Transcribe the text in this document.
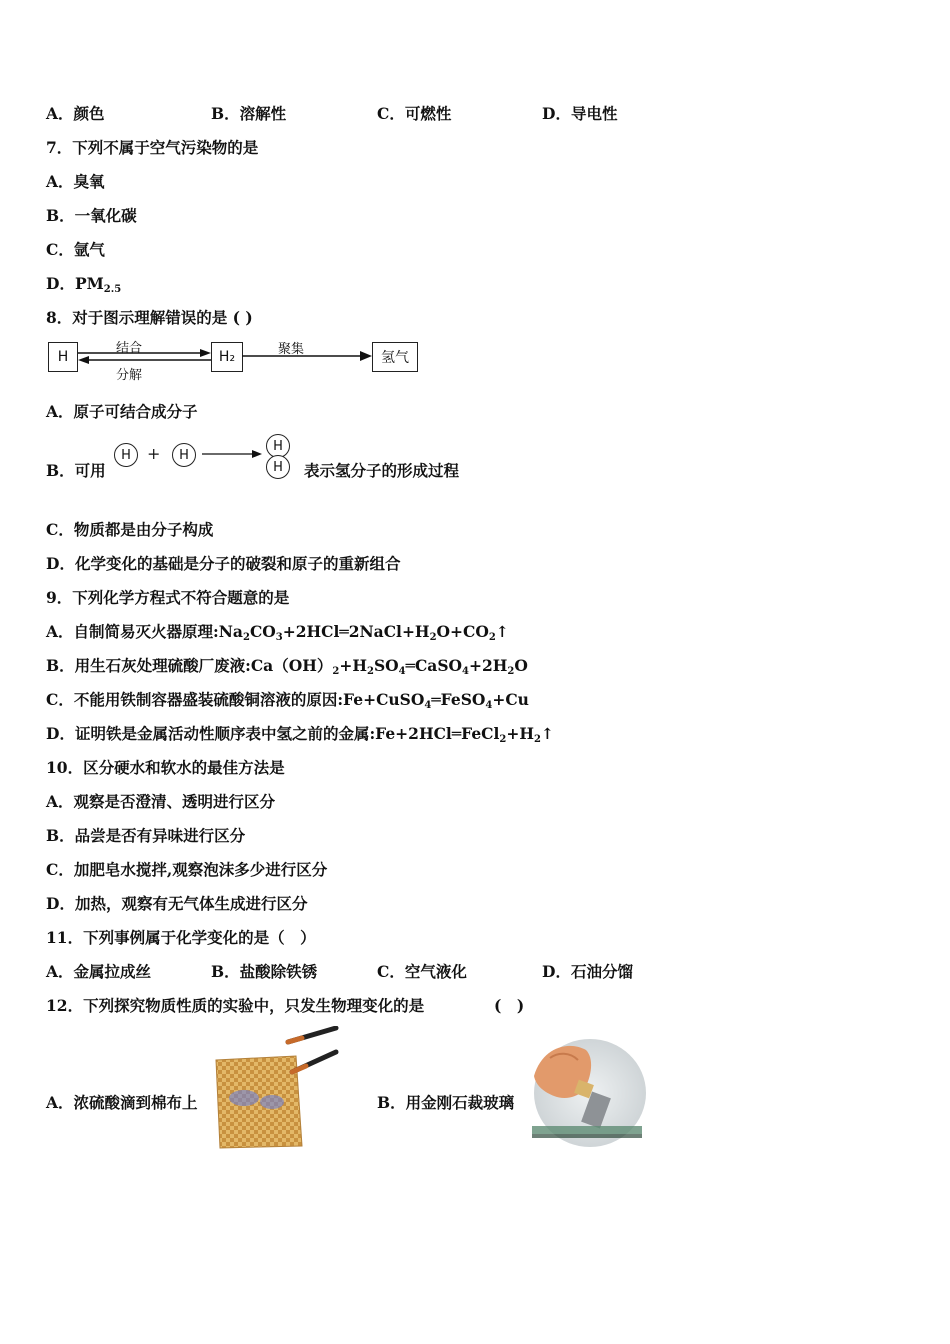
A．颜色	B．溶解性	C．可燃性	D．导电性
7．下列不属于空气污染物的是
A．臭氧
B．一氧化碳
C．氩气
D．$PM_{2.5}$
8．对于图示理解错误的是 ( )
H	H₂	氢气
结合
分解
聚集
A．原子可结合成分子
B．可用
H	+	H
H
H	表示氢分子的形成过程
C．物质都是由分子构成
D．化学变化的基础是分子的破裂和原子的重新组合
9．下列化学方程式不符合题意的是
A．自制简易灭火器原理$:Na_2CO_3+2HCl═2NaCl+H_2O+CO_2↑$
B．用生石灰处理硫酸厂废液$:Ca(OH)_2+H_2SO_4═CaSO_4+2H_2O$
C．不能用铁制容器盛装硫酸铜溶液的原因:Fe+CuSO$_4$═FeSO$_4$+Cu
D．证明铁是金属活动性顺序表中氢之前的金属$:Fe+2HCl═FeCl_2+H_2↑$
10．区分硬水和软水的最佳方法是
A．观察是否澄清、透明进行区分
B．品尝是否有异味进行区分
C．加肥皂水搅拌,观察泡沫多少进行区分
D．加热，观察有无气体生成进行区分
11．下列事例属于化学变化的是（　）
A．金属拉成丝	B．盐酸除铁锈	C．空气液化	D．石油分馏
12．下列探究物质性质的实验中，只发生物理变化的是	(　)
A．浓硫酸滴到棉布上	B．用金刚石裁玻璃
